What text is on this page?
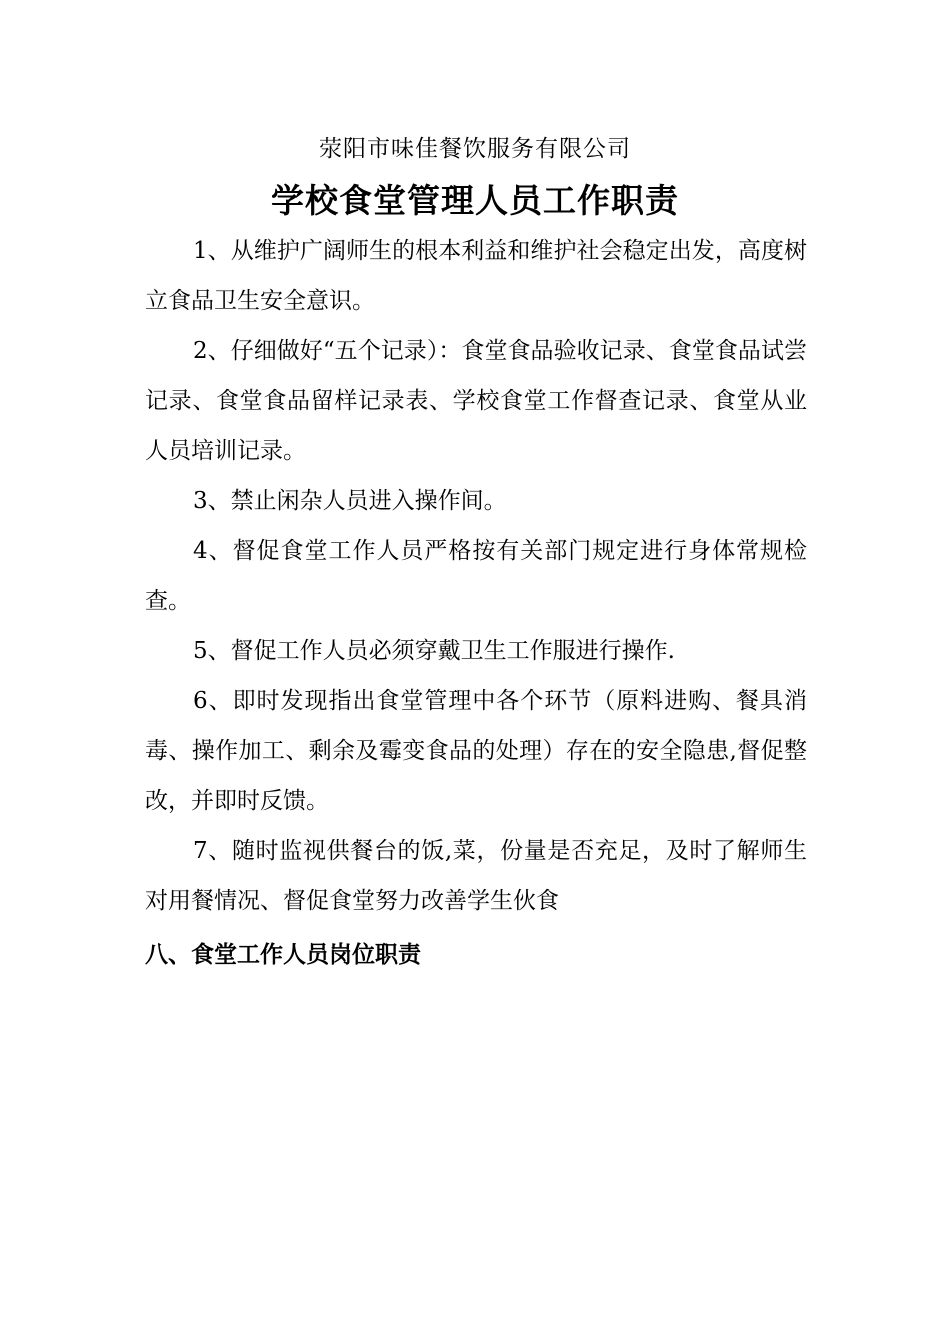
荥阳市味佳餐饮服务有限公司
学校食堂管理人员工作职责

1、从维护广阔师生的根本利益和维护社会稳定出发，高度树立食品卫生安全意识。

2、仔细做好“五个记录）：食堂食品验收记录、食堂食品试尝记录、食堂食品留样记录表、学校食堂工作督查记录、食堂从业人员培训记录。

3、禁止闲杂人员进入操作间。

4、督促食堂工作人员严格按有关部门规定进行身体常规检查。

5、督促工作人员必须穿戴卫生工作服进行操作.

6、即时发现指出食堂管理中各个环节（原料进购、餐具消毒、操作加工、剩余及霉变食品的处理）存在的安全隐患,督促整改，并即时反馈。

7、随时监视供餐台的饭,菜，份量是否充足，及时了解师生对用餐情况、督促食堂努力改善学生伙食

八、食堂工作人员岗位职责
